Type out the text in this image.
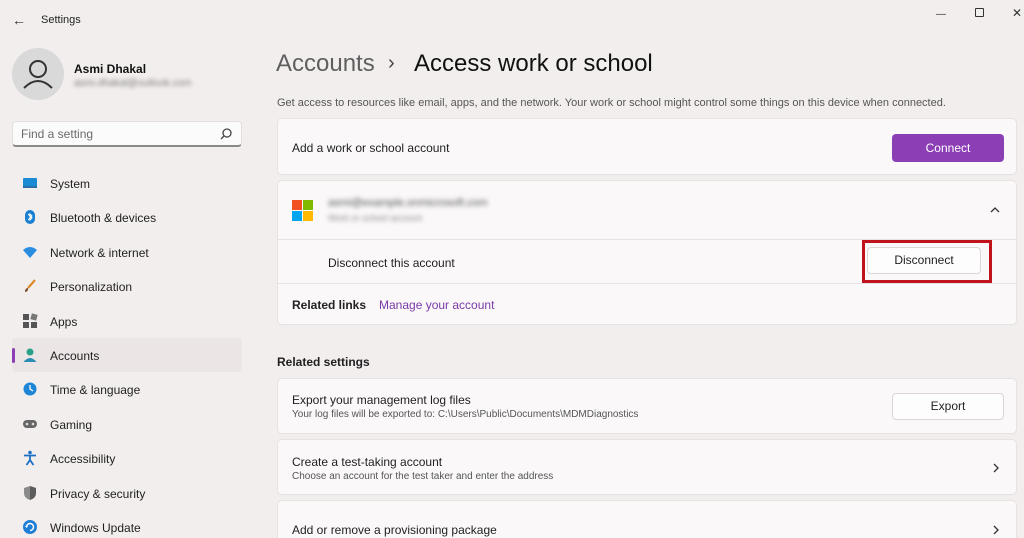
← Settings	—	✕
Asmi Dhakal
asmi.dhakal@outlook.com
Find a setting
System
Bluetooth & devices
Network & internet
Personalization
Apps
Accounts
Time & language
Gaming
Accessibility
Privacy & security
Windows Update
Accounts › Access work or school
Get access to resources like email, apps, and the network. Your work or school might control some things on this device when connected.
Add a work or school account	Connect
asmi@example.onmicrosoft.com
Work or school account
Disconnect this account	Disconnect
Related links Manage your account
Related settings
Export your management log files
Your log files will be exported to: C:\Users\Public\Documents\MDMDiagnostics
Export
Create a test-taking account
Choose an account for the test taker and enter the address
Add or remove a provisioning package
